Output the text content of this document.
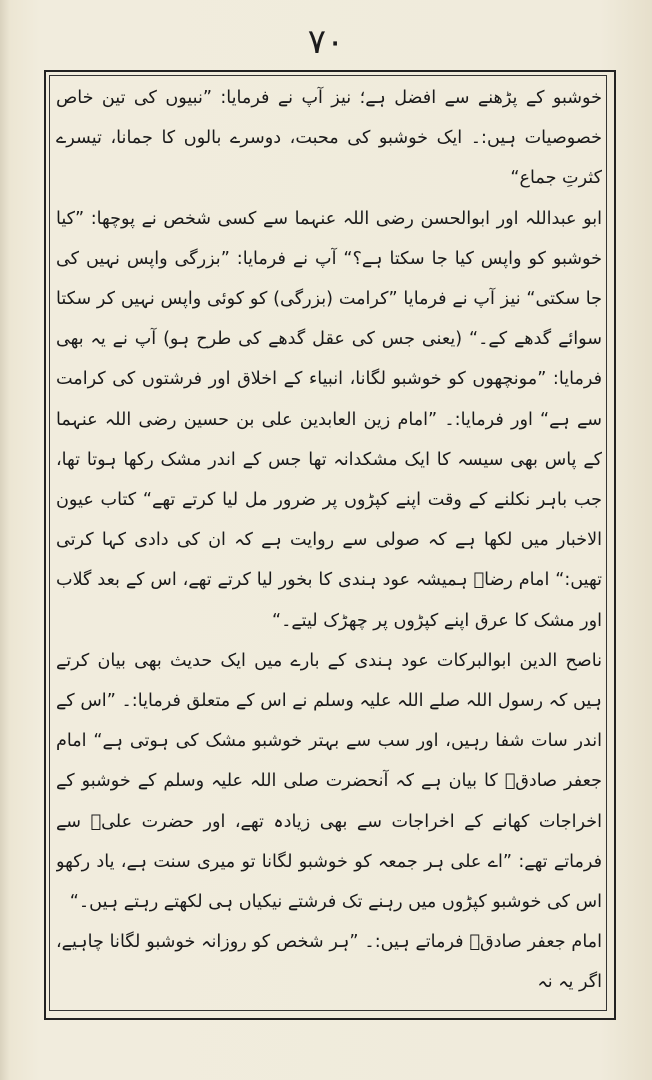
٧٠

خوشبو کے پڑھنے سے افضل ہے؛ نیز آپ نے فرمایا: ”نبیوں کی تین خاص خصوصیات ہیں:۔ ایک خوشبو کی محبت، دوسرے بالوں کا جمانا، تیسرے کثرتِ جماع“

ابو عبداللہ اور ابوالحسن رضی اللہ عنہما سے کسی شخص نے پوچھا: ”کیا خوشبو کو واپس کیا جا سکتا ہے؟“ آپ نے فرمایا: ”بزرگی واپس نہیں کی جا سکتی“ نیز آپ نے فرمایا ”کرامت (بزرگی) کو کوئی واپس نہیں کر سکتا سوائے گدھے کے۔“ (یعنی جس کی عقل گدھے کی طرح ہو) آپ نے یہ بھی فرمایا: ”مونچھوں کو خوشبو لگانا، انبیاء کے اخلاق اور فرشتوں کی کرامت سے ہے“ اور فرمایا:۔ ”امام زین العابدین علی بن حسین رضی اللہ عنہما کے پاس بھی سیسہ کا ایک مشکدانہ تھا جس کے اندر مشک رکھا ہوتا تھا، جب باہر نکلنے کے وقت اپنے کپڑوں پر ضرور مل لیا کرتے تھے“ کتاب عیون الاخبار میں لکھا ہے کہ صولی سے روایت ہے کہ ان کی دادی کہا کرتی تھیں:“ امام رضاؑ ہمیشہ عود ہندی کا بخور لیا کرتے تھے، اس کے بعد گلاب اور مشک کا عرق اپنے کپڑوں پر چھڑک لیتے۔“

ناصح الدین ابوالبرکات عود ہندی کے بارے میں ایک حدیث بھی بیان کرتے ہیں کہ رسول اللہ صلے اللہ علیہ وسلم نے اس کے متعلق فرمایا:۔ ”اس کے اندر سات شفا رہیں، اور سب سے بہتر خوشبو مشک کی ہوتی ہے“ امام جعفر صادقؑ کا بیان ہے کہ آنحضرت صلی اللہ علیہ وسلم کے خوشبو کے اخراجات کھانے کے اخراجات سے بھی زیادہ تھے، اور حضرت علیؓ سے فرماتے تھے: ”اے علی ہر جمعہ کو خوشبو لگانا تو میری سنت ہے، یاد رکھو اس کی خوشبو کپڑوں میں رہنے تک فرشتے نیکیاں ہی لکھتے رہتے ہیں۔“

امام جعفر صادقؓ فرماتے ہیں:۔ ”ہر شخص کو روزانہ خوشبو لگانا چاہیے، اگر یہ نہ
